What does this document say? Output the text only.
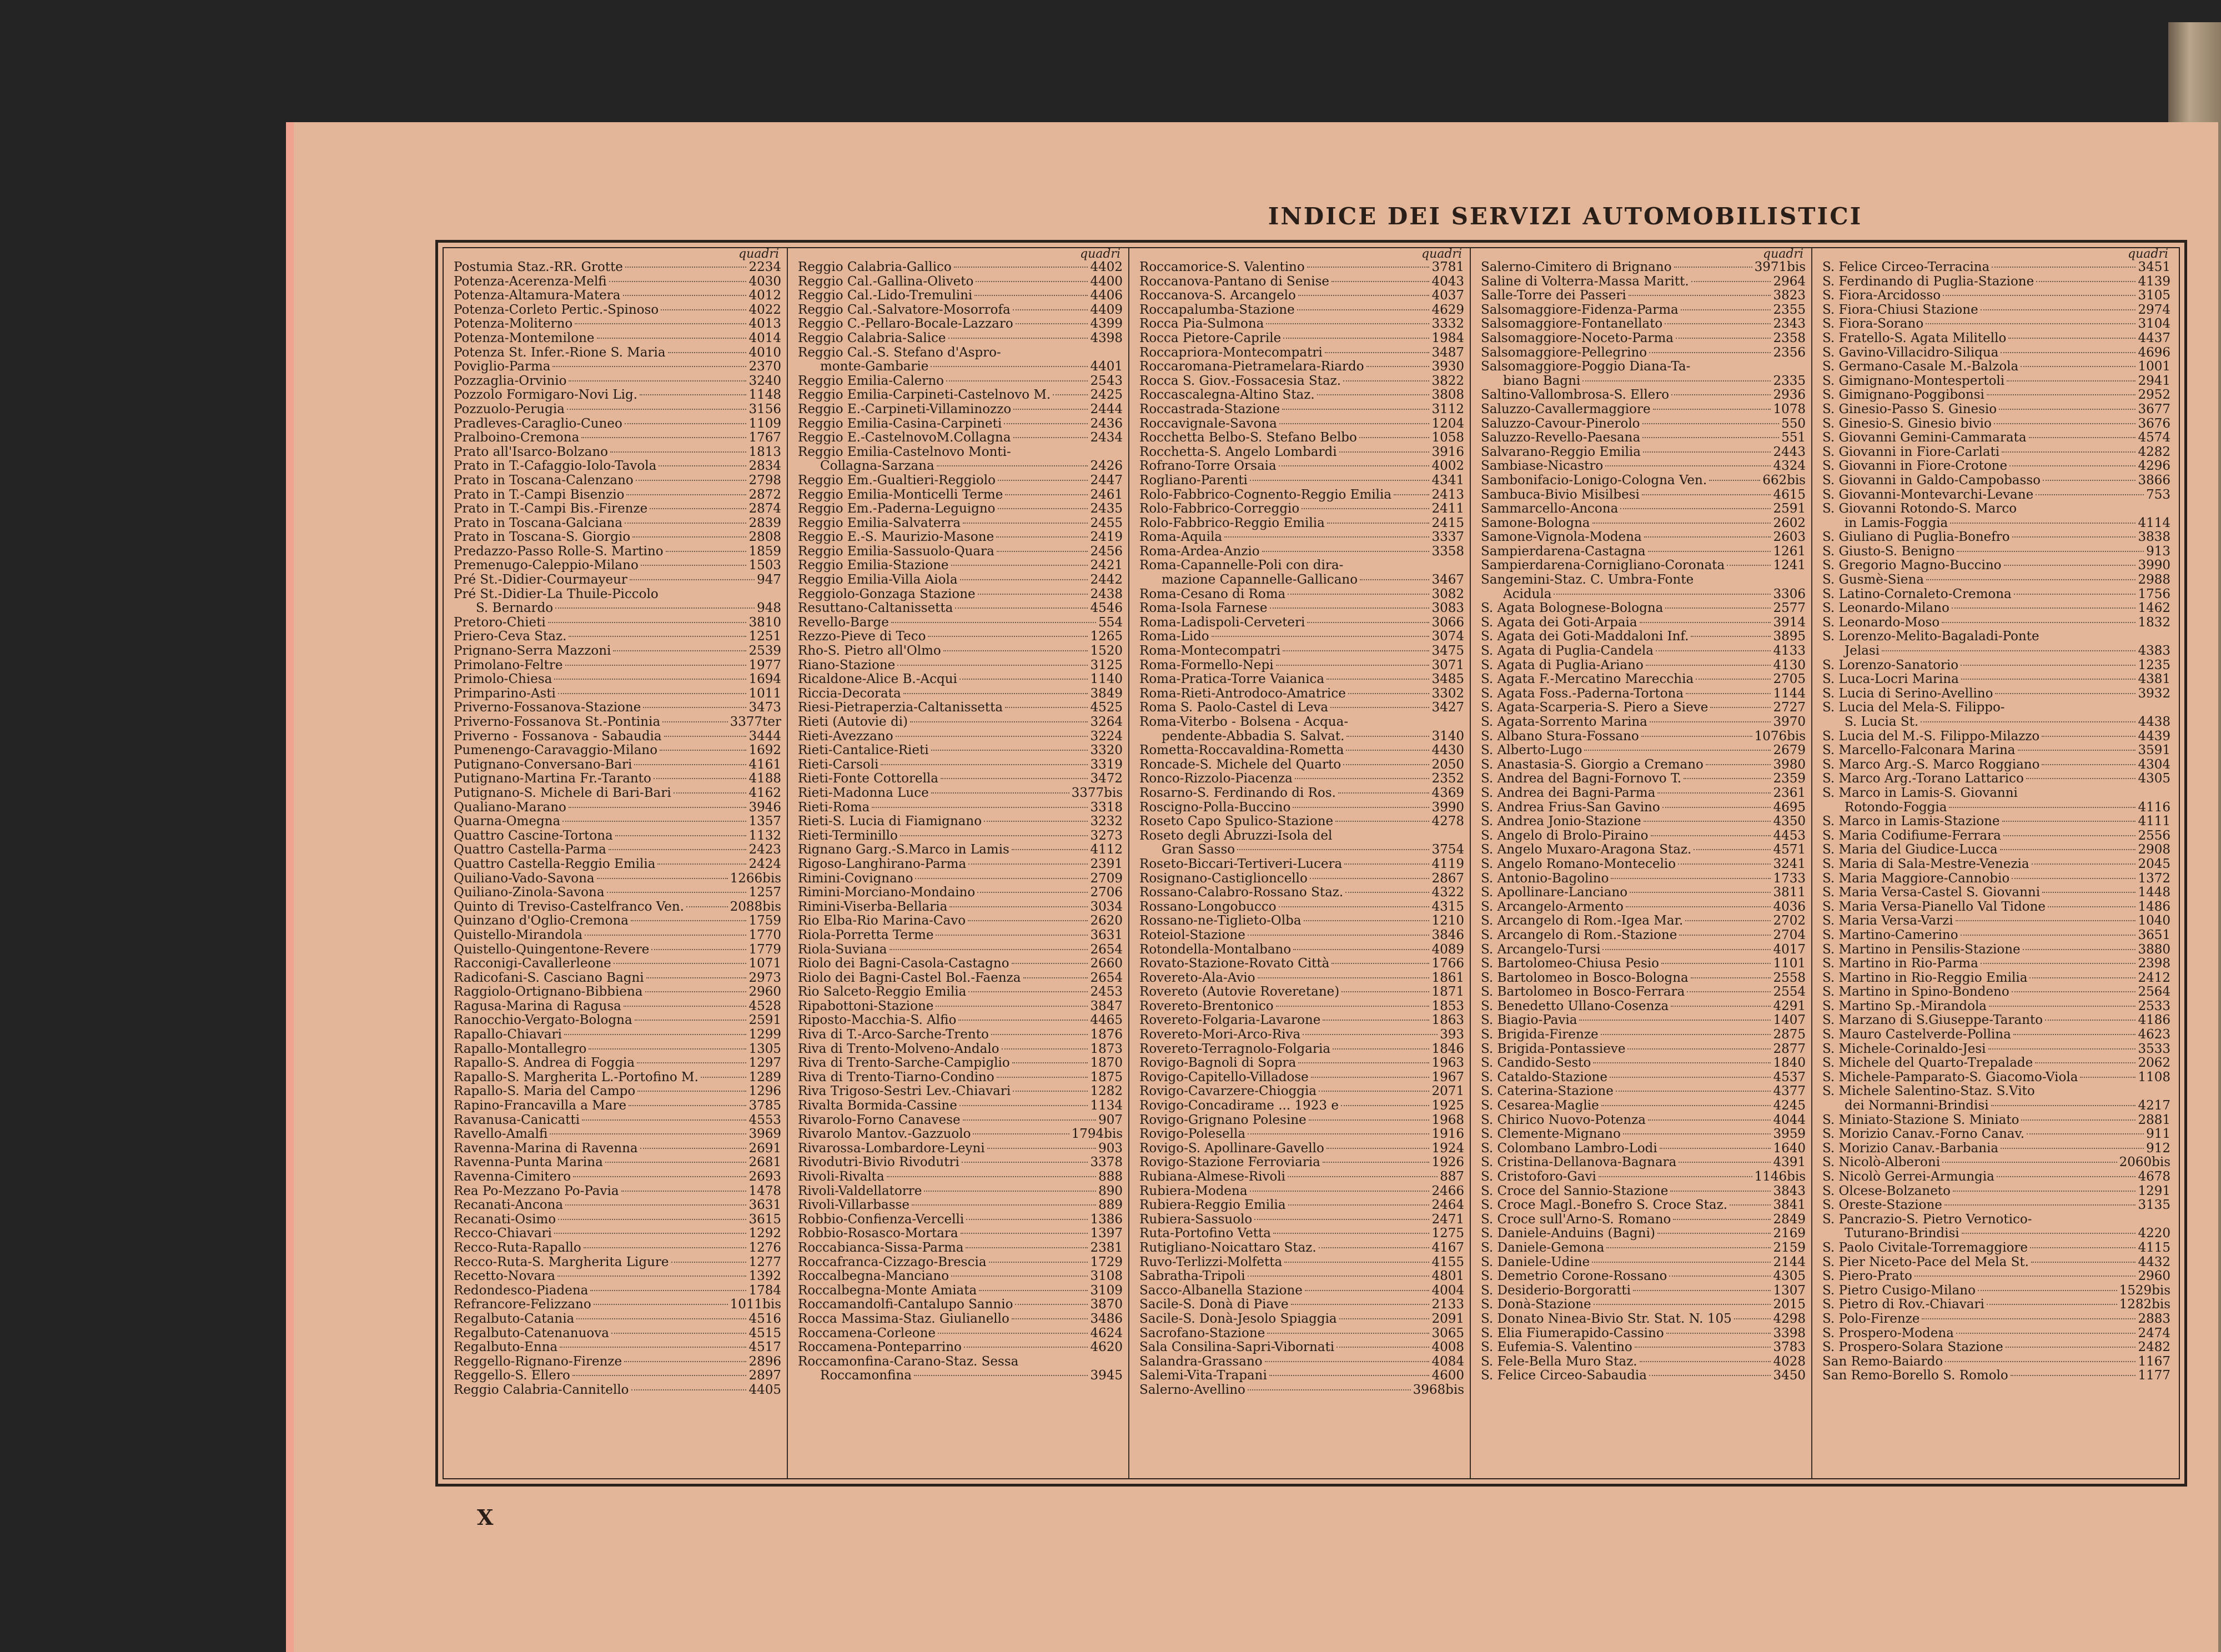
INDICE DEI SERVIZI AUTOMOBILISTICI
quadri
Postumia Staz.-RR. Grotte	2234
Potenza-Acerenza-Melfi	4030
Potenza-Altamura-Matera	4012
Potenza-Corleto Pertic.-Spinoso	4022
Potenza-Moliterno	4013
Potenza-Montemilone	4014
Potenza St. Infer.-Rione S. Maria	4010
Poviglio-Parma	2370
Pozzaglia-Orvinio	3240
Pozzolo Formigaro-Novi Lig.	1148
Pozzuolo-Perugia	3156
Pradleves-Caraglio-Cuneo	1109
Pralboino-Cremona	1767
Prato all'Isarco-Bolzano	1813
Prato in T.-Cafaggio-Iolo-Tavola	2834
Prato in Toscana-Calenzano	2798
Prato in T.-Campi Bisenzio	2872
Prato in T.-Campi Bis.-Firenze	2874
Prato in Toscana-Galciana	2839
Prato in Toscana-S. Giorgio	2808
Predazzo-Passo Rolle-S. Martino	1859
Premenugo-Caleppio-Milano	1503
Pré St.-Didier-Courmayeur	947
Pré St.-Didier-La Thuile-Piccolo
S. Bernardo	948
Pretoro-Chieti	3810
Priero-Ceva Staz.	1251
Prignano-Serra Mazzoni	2539
Primolano-Feltre	1977
Primolo-Chiesa	1694
Primparino-Asti	1011
Priverno-Fossanova-Stazione	3473
Priverno-Fossanova St.-Pontinia	3377ter
Priverno - Fossanova - Sabaudia	3444
Pumenengo-Caravaggio-Milano	1692
Putignano-Conversano-Bari	4161
Putignano-Martina Fr.-Taranto	4188
Putignano-S. Michele di Bari-Bari	4162
Qualiano-Marano	3946
Quarna-Omegna	1357
Quattro Cascine-Tortona	1132
Quattro Castella-Parma	2423
Quattro Castella-Reggio Emilia	2424
Quiliano-Vado-Savona	1266bis
Quiliano-Zinola-Savona	1257
Quinto di Treviso-Castelfranco Ven.	2088bis
Quinzano d'Oglio-Cremona	1759
Quistello-Mirandola	1770
Quistello-Quingentone-Revere	1779
Racconigi-Cavallerleone	1071
Radicofani-S. Casciano Bagni	2973
Raggiolo-Ortignano-Bibbiena	2960
Ragusa-Marina di Ragusa	4528
Ranocchio-Vergato-Bologna	2591
Rapallo-Chiavari	1299
Rapallo-Montallegro	1305
Rapallo-S. Andrea di Foggia	1297
Rapallo-S. Margherita L.-Portofino M.	1289
Rapallo-S. Maria del Campo	1296
Rapino-Francavilla a Mare	3785
Ravanusa-Canicatti	4553
Ravello-Amalfi	3969
Ravenna-Marina di Ravenna	2691
Ravenna-Punta Marina	2681
Ravenna-Cimitero	2693
Rea Po-Mezzano Po-Pavia	1478
Recanati-Ancona	3631
Recanati-Osimo	3615
Recco-Chiavari	1292
Recco-Ruta-Rapallo	1276
Recco-Ruta-S. Margherita Ligure	1277
Recetto-Novara	1392
Redondesco-Piadena	1784
Refrancore-Felizzano	1011bis
Regalbuto-Catania	4516
Regalbuto-Catenanuova	4515
Regalbuto-Enna	4517
Reggello-Rignano-Firenze	2896
Reggello-S. Ellero	2897
Reggio Calabria-Cannitello	4405
quadri
Reggio Calabria-Gallico	4402
Reggio Cal.-Gallina-Oliveto	4400
Reggio Cal.-Lido-Tremulini	4406
Reggio Cal.-Salvatore-Mosorrofa	4409
Reggio C.-Pellaro-Bocale-Lazzaro	4399
Reggio Calabria-Salice	4398
Reggio Cal.-S. Stefano d'Aspro-
monte-Gambarie	4401
Reggio Emilia-Calerno	2543
Reggio Emilia-Carpineti-Castelnovo M.	2425
Reggio E.-Carpineti-Villaminozzo	2444
Reggio Emilia-Casina-Carpineti	2436
Reggio E.-CastelnovoM.Collagna	2434
Reggio Emilia-Castelnovo Monti-
Collagna-Sarzana	2426
Reggio Em.-Gualtieri-Reggiolo	2447
Reggio Emilia-Monticelli Terme	2461
Reggio Em.-Paderna-Leguigno	2435
Reggio Emilia-Salvaterra	2455
Reggio E.-S. Maurizio-Masone	2419
Reggio Emilia-Sassuolo-Quara	2456
Reggio Emilia-Stazione	2421
Reggio Emilia-Villa Aiola	2442
Reggiolo-Gonzaga Stazione	2438
Resuttano-Caltanissetta	4546
Revello-Barge	554
Rezzo-Pieve di Teco	1265
Rho-S. Pietro all'Olmo	1520
Riano-Stazione	3125
Ricaldone-Alice B.-Acqui	1140
Riccia-Decorata	3849
Riesi-Pietraperzia-Caltanissetta	4525
Rieti (Autovie di)	3264
Rieti-Avezzano	3224
Rieti-Cantalice-Rieti	3320
Rieti-Carsoli	3319
Rieti-Fonte Cottorella	3472
Rieti-Madonna Luce	3377bis
Rieti-Roma	3318
Rieti-S. Lucia di Fiamignano	3232
Rieti-Terminillo	3273
Rignano Garg.-S.Marco in Lamis	4112
Rigoso-Langhirano-Parma	2391
Rimini-Covignano	2709
Rimini-Morciano-Mondaino	2706
Rimini-Viserba-Bellaria	3034
Rio Elba-Rio Marina-Cavo	2620
Riola-Porretta Terme	3631
Riola-Suviana	2654
Riolo dei Bagni-Casola-Castagno	2660
Riolo dei Bagni-Castel Bol.-Faenza	2654
Rio Salceto-Reggio Emilia	2453
Ripabottoni-Stazione	3847
Riposto-Macchia-S. Alfio	4465
Riva di T.-Arco-Sarche-Trento	1876
Riva di Trento-Molveno-Andalo	1873
Riva di Trento-Sarche-Campiglio	1870
Riva di Trento-Tiarno-Condino	1875
Riva Trigoso-Sestri Lev.-Chiavari	1282
Rivalta Bormida-Cassine	1134
Rivarolo-Forno Canavese	907
Rivarolo Mantov.-Gazzuolo	1794bis
Rivarossa-Lombardore-Leyni	903
Rivodutri-Bivio Rivodutri	3378
Rivoli-Rivalta	888
Rivoli-Valdellatorre	890
Rivoli-Villarbasse	889
Robbio-Confienza-Vercelli	1386
Robbio-Rosasco-Mortara	1397
Roccabianca-Sissa-Parma	2381
Roccafranca-Cizzago-Brescia	1729
Roccalbegna-Manciano	3108
Roccalbegna-Monte Amiata	3109
Roccamandolfi-Cantalupo Sannio	3870
Rocca Massima-Staz. Giulianello	3486
Roccamena-Corleone	4624
Roccamena-Ponteparrino	4620
Roccamonfina-Carano-Staz. Sessa
Roccamonfina	3945
quadri
Roccamorice-S. Valentino	3781
Roccanova-Pantano di Senise	4043
Roccanova-S. Arcangelo	4037
Roccapalumba-Stazione	4629
Rocca Pia-Sulmona	3332
Rocca Pietore-Caprile	1984
Roccapriora-Montecompatri	3487
Roccaromana-Pietramelara-Riardo	3930
Rocca S. Giov.-Fossacesia Staz.	3822
Roccascalegna-Altino Staz.	3808
Roccastrada-Stazione	3112
Roccavignale-Savona	1204
Rocchetta Belbo-S. Stefano Belbo	1058
Rocchetta-S. Angelo Lombardi	3916
Rofrano-Torre Orsaia	4002
Rogliano-Parenti	4341
Rolo-Fabbrico-Cognento-Reggio Emilia	2413
Rolo-Fabbrico-Correggio	2411
Rolo-Fabbrico-Reggio Emilia	2415
Roma-Aquila	3337
Roma-Ardea-Anzio	3358
Roma-Capannelle-Poli con dira-
mazione Capannelle-Gallicano	3467
Roma-Cesano di Roma	3082
Roma-Isola Farnese	3083
Roma-Ladispoli-Cerveteri	3066
Roma-Lido	3074
Roma-Montecompatri	3475
Roma-Formello-Nepi	3071
Roma-Pratica-Torre Vaianica	3485
Roma-Rieti-Antrodoco-Amatrice	3302
Roma S. Paolo-Castel di Leva	3427
Roma-Viterbo - Bolsena - Acqua-
pendente-Abbadia S. Salvat.	3140
Rometta-Roccavaldina-Rometta	4430
Roncade-S. Michele del Quarto	2050
Ronco-Rizzolo-Piacenza	2352
Rosarno-S. Ferdinando di Ros.	4369
Roscigno-Polla-Buccino	3990
Roseto Capo Spulico-Stazione	4278
Roseto degli Abruzzi-Isola del
Gran Sasso	3754
Roseto-Biccari-Tertiveri-Lucera	4119
Rosignano-Castiglioncello	2867
Rossano-Calabro-Rossano Staz.	4322
Rossano-Longobucco	4315
Rossano-ne-Tiglieto-Olba	1210
Roteiol-Stazione	3846
Rotondella-Montalbano	4089
Rovato-Stazione-Rovato Città	1766
Rovereto-Ala-Avio	1861
Rovereto (Autovie Roveretane)	1871
Rovereto-Brentonico	1853
Rovereto-Folgaria-Lavarone	1863
Rovereto-Mori-Arco-Riva	393
Rovereto-Terragnolo-Folgaria	1846
Rovigo-Bagnoli di Sopra	1963
Rovigo-Capitello-Villadose	1967
Rovigo-Cavarzere-Chioggia	2071
Rovigo-Concadirame ... 1923 e	1925
Rovigo-Grignano Polesine	1968
Rovigo-Polesella	1916
Rovigo-S. Apollinare-Gavello	1924
Rovigo-Stazione Ferroviaria	1926
Rubiana-Almese-Rivoli	887
Rubiera-Modena	2466
Rubiera-Reggio Emilia	2464
Rubiera-Sassuolo	2471
Ruta-Portofino Vetta	1275
Rutigliano-Noicattaro Staz.	4167
Ruvo-Terlizzi-Molfetta	4155
Sabratha-Tripoli	4801
Sacco-Albanella Stazione	4004
Sacile-S. Donà di Piave	2133
Sacile-S. Donà-Jesolo Spiaggia	2091
Sacrofano-Stazione	3065
Sala Consilina-Sapri-Vibornati	4008
Salandra-Grassano	4084
Salemi-Vita-Trapani	4600
Salerno-Avellino	3968bis
quadri
Salerno-Cimitero di Brignano	3971bis
Saline di Volterra-Massa Maritt.	2964
Salle-Torre dei Passeri	3823
Salsomaggiore-Fidenza-Parma	2355
Salsomaggiore-Fontanellato	2343
Salsomaggiore-Noceto-Parma	2358
Salsomaggiore-Pellegrino	2356
Salsomaggiore-Poggio Diana-Ta-
biano Bagni	2335
Saltino-Vallombrosa-S. Ellero	2936
Saluzzo-Cavallermaggiore	1078
Saluzzo-Cavour-Pinerolo	550
Saluzzo-Revello-Paesana	551
Salvarano-Reggio Emilia	2443
Sambiase-Nicastro	4324
Sambonifacio-Lonigo-Cologna Ven.	662bis
Sambuca-Bivio Misilbesi	4615
Sammarcello-Ancona	2591
Samone-Bologna	2602
Samone-Vignola-Modena	2603
Sampierdarena-Castagna	1261
Sampierdarena-Cornigliano-Coronata	1241
Sangemini-Staz. C. Umbra-Fonte
Acidula	3306
S. Agata Bolognese-Bologna	2577
S. Agata dei Goti-Arpaia	3914
S. Agata dei Goti-Maddaloni Inf.	3895
S. Agata di Puglia-Candela	4133
S. Agata di Puglia-Ariano	4130
S. Agata F.-Mercatino Marecchia	2705
S. Agata Foss.-Paderna-Tortona	1144
S. Agata-Scarperia-S. Piero a Sieve	2727
S. Agata-Sorrento Marina	3970
S. Albano Stura-Fossano	1076bis
S. Alberto-Lugo	2679
S. Anastasia-S. Giorgio a Cremano	3980
S. Andrea del Bagni-Fornovo T.	2359
S. Andrea dei Bagni-Parma	2361
S. Andrea Frius-San Gavino	4695
S. Andrea Jonio-Stazione	4350
S. Angelo di Brolo-Piraino	4453
S. Angelo Muxaro-Aragona Staz.	4571
S. Angelo Romano-Montecelio	3241
S. Antonio-Bagolino	1733
S. Apollinare-Lanciano	3811
S. Arcangelo-Armento	4036
S. Arcangelo di Rom.-Igea Mar.	2702
S. Arcangelo di Rom.-Stazione	2704
S. Arcangelo-Tursi	4017
S. Bartolomeo-Chiusa Pesio	1101
S. Bartolomeo in Bosco-Bologna	2558
S. Bartolomeo in Bosco-Ferrara	2554
S. Benedetto Ullano-Cosenza	4291
S. Biagio-Pavia	1407
S. Brigida-Firenze	2875
S. Brigida-Pontassieve	2877
S. Candido-Sesto	1840
S. Cataldo-Stazione	4537
S. Caterina-Stazione	4377
S. Cesarea-Maglie	4245
S. Chirico Nuovo-Potenza	4044
S. Clemente-Mignano	3959
S. Colombano Lambro-Lodi	1640
S. Cristina-Dellanova-Bagnara	4391
S. Cristoforo-Gavi	1146bis
S. Croce del Sannio-Stazione	3843
S. Croce Magl.-Bonefro S. Croce Staz.	3841
S. Croce sull'Arno-S. Romano	2849
S. Daniele-Anduins (Bagni)	2169
S. Daniele-Gemona	2159
S. Daniele-Udine	2144
S. Demetrio Corone-Rossano	4305
S. Desiderio-Borgoratti	1307
S. Donà-Stazione	2015
S. Donato Ninea-Bivio Str. Stat. N. 105	4298
S. Elia Fiumerapido-Cassino	3398
S. Eufemia-S. Valentino	3783
S. Fele-Bella Muro Staz.	4028
S. Felice Circeo-Sabaudia	3450
quadri
S. Felice Circeo-Terracina	3451
S. Ferdinando di Puglia-Stazione	4139
S. Fiora-Arcidosso	3105
S. Fiora-Chiusi Stazione	2974
S. Fiora-Sorano	3104
S. Fratello-S. Agata Militello	4437
S. Gavino-Villacidro-Siliqua	4696
S. Germano-Casale M.-Balzola	1001
S. Gimignano-Montespertoli	2941
S. Gimignano-Poggibonsi	2952
S. Ginesio-Passo S. Ginesio	3677
S. Ginesio-S. Ginesio bivio	3676
S. Giovanni Gemini-Cammarata	4574
S. Giovanni in Fiore-Carlati	4282
S. Giovanni in Fiore-Crotone	4296
S. Giovanni in Galdo-Campobasso	3866
S. Giovanni-Montevarchi-Levane	753
S. Giovanni Rotondo-S. Marco
in Lamis-Foggia	4114
S. Giuliano di Puglia-Bonefro	3838
S. Giusto-S. Benigno	913
S. Gregorio Magno-Buccino	3990
S. Gusmè-Siena	2988
S. Latino-Cornaleto-Cremona	1756
S. Leonardo-Milano	1462
S. Leonardo-Moso	1832
S. Lorenzo-Melito-Bagaladi-Ponte
Jelasi	4383
S. Lorenzo-Sanatorio	1235
S. Luca-Locri Marina	4381
S. Lucia di Serino-Avellino	3932
S. Lucia del Mela-S. Filippo-
S. Lucia St.	4438
S. Lucia del M.-S. Filippo-Milazzo	4439
S. Marcello-Falconara Marina	3591
S. Marco Arg.-S. Marco Roggiano	4304
S. Marco Arg.-Torano Lattarico	4305
S. Marco in Lamis-S. Giovanni
Rotondo-Foggia	4116
S. Marco in Lamis-Stazione	4111
S. Maria Codifiume-Ferrara	2556
S. Maria del Giudice-Lucca	2908
S. Maria di Sala-Mestre-Venezia	2045
S. Maria Maggiore-Cannobio	1372
S. Maria Versa-Castel S. Giovanni	1448
S. Maria Versa-Pianello Val Tidone	1486
S. Maria Versa-Varzi	1040
S. Martino-Camerino	3651
S. Martino in Pensilis-Stazione	3880
S. Martino in Rio-Parma	2398
S. Martino in Rio-Reggio Emilia	2412
S. Martino in Spino-Bondeno	2564
S. Martino Sp.-Mirandola	2533
S. Marzano di S.Giuseppe-Taranto	4186
S. Mauro Castelverde-Pollina	4623
S. Michele-Corinaldo-Jesi	3533
S. Michele del Quarto-Trepalade	2062
S. Michele-Pamparato-S. Giacomo-Viola	1108
S. Michele Salentino-Staz. S.Vito
dei Normanni-Brindisi	4217
S. Miniato-Stazione S. Miniato	2881
S. Morizio Canav.-Forno Canav.	911
S. Morizio Canav.-Barbania	912
S. Nicolò-Alberoni	2060bis
S. Nicolò Gerrei-Armungia	4678
S. Olcese-Bolzaneto	1291
S. Oreste-Stazione	3135
S. Pancrazio-S. Pietro Vernotico-
Tuturano-Brindisi	4220
S. Paolo Civitale-Torremaggiore	4115
S. Pier Niceto-Pace del Mela St.	4432
S. Piero-Prato	2960
S. Pietro Cusigo-Milano	1529bis
S. Pietro di Rov.-Chiavari	1282bis
S. Polo-Firenze	2883
S. Prospero-Modena	2474
S. Prospero-Solara Stazione	2482
San Remo-Baiardo	1167
San Remo-Borello S. Romolo	1177
X
